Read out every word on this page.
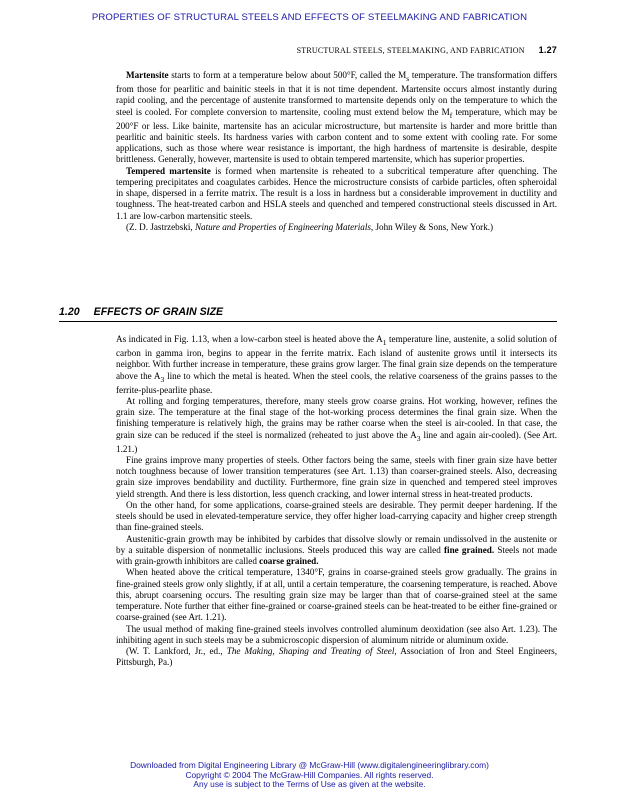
PROPERTIES OF STRUCTURAL STEELS AND EFFECTS OF STEELMAKING AND FABRICATION
STRUCTURAL STEELS, STEELMAKING, AND FABRICATION 1.27

Martensite starts to form at a temperature below about 500°F, called the $M_s$ temperature. The transformation differs from those for pearlitic and bainitic steels in that it is not time dependent. Martensite occurs almost instantly during rapid cooling, and the percentage of austenite transformed to martensite depends only on the temperature to which the steel is cooled. For complete conversion to martensite, cooling must extend below the $M_f$ temperature, which may be 200°F or less. Like bainite, martensite has an acicular microstructure, but martensite is harder and more brittle than pearlitic and bainitic steels. Its hardness varies with carbon content and to some extent with cooling rate. For some applications, such as those where wear resistance is important, the high hardness of martensite is desirable, despite brittleness. Generally, however, martensite is used to obtain tempered martensite, which has superior properties.

Tempered martensite is formed when martensite is reheated to a subcritical temperature after quenching. The tempering precipitates and coagulates carbides. Hence the microstructure consists of carbide particles, often spheroidal in shape, dispersed in a ferrite matrix. The result is a loss in hardness but a considerable improvement in ductility and toughness. The heat-treated carbon and HSLA steels and quenched and tempered constructional steels discussed in Art. 1.1 are low-carbon martensitic steels.

(Z. D. Jastrzebski, Nature and Properties of Engineering Materials, John Wiley & Sons, New York.)

1.20 EFFECTS OF GRAIN SIZE

As indicated in Fig. 1.13, when a low-carbon steel is heated above the $A_1$ temperature line, austenite, a solid solution of carbon in gamma iron, begins to appear in the ferrite matrix. Each island of austenite grows until it intersects its neighbor. With further increase in temperature, these grains grow larger. The final grain size depends on the temperature above the $A_3$ line to which the metal is heated. When the steel cools, the relative coarseness of the grains passes to the ferrite-plus-pearlite phase.

At rolling and forging temperatures, therefore, many steels grow coarse grains. Hot working, however, refines the grain size. The temperature at the final stage of the hot-working process determines the final grain size. When the finishing temperature is relatively high, the grains may be rather coarse when the steel is air-cooled. In that case, the grain size can be reduced if the steel is normalized (reheated to just above the $A_3$ line and again air-cooled). (See Art. 1.21.)

Fine grains improve many properties of steels. Other factors being the same, steels with finer grain size have better notch toughness because of lower transition temperatures (see Art. 1.13) than coarser-grained steels. Also, decreasing grain size improves bendability and ductility. Furthermore, fine grain size in quenched and tempered steel improves yield strength. And there is less distortion, less quench cracking, and lower internal stress in heat-treated products.

On the other hand, for some applications, coarse-grained steels are desirable. They permit deeper hardening. If the steels should be used in elevated-temperature service, they offer higher load-carrying capacity and higher creep strength than fine-grained steels.

Austenitic-grain growth may be inhibited by carbides that dissolve slowly or remain undissolved in the austenite or by a suitable dispersion of nonmetallic inclusions. Steels produced this way are called fine grained. Steels not made with grain-growth inhibitors are called coarse grained.

When heated above the critical temperature, 1340°F, grains in coarse-grained steels grow gradually. The grains in fine-grained steels grow only slightly, if at all, until a certain temperature, the coarsening temperature, is reached. Above this, abrupt coarsening occurs. The resulting grain size may be larger than that of coarse-grained steel at the same temperature. Note further that either fine-grained or coarse-grained steels can be heat-treated to be either fine-grained or coarse-grained (see Art. 1.21).

The usual method of making fine-grained steels involves controlled aluminum deoxidation (see also Art. 1.23). The inhibiting agent in such steels may be a submicroscopic dispersion of aluminum nitride or aluminum oxide.

(W. T. Lankford, Jr., ed., The Making, Shaping and Treating of Steel, Association of Iron and Steel Engineers, Pittsburgh, Pa.)

Downloaded from Digital Engineering Library @ McGraw-Hill (www.digitalengineeringlibrary.com)
Copyright © 2004 The McGraw-Hill Companies. All rights reserved.
Any use is subject to the Terms of Use as given at the website.
